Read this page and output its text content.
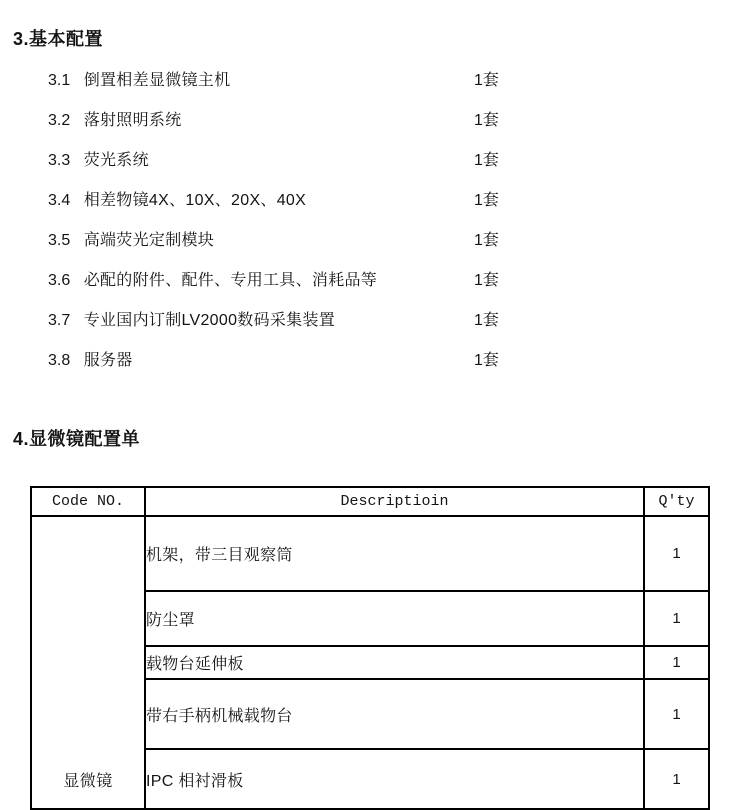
3.基本配置
3.1 倒置相差显微镜主机	1套
3.2 落射照明系统	1套
3.3 荧光系统	1套
3.4 相差物镜4X、10X、20X、40X	1套
3.5 高端荧光定制模块	1套
3.6 必配的附件、配件、专用工具、消耗品等	1套
3.7 专业国内订制LV2000数码采集装置	1套
3.8 服务器	1套
4.显微镜配置单
Code NO.	Descriptioin	Q'ty

显微镜	机架，带三目观察筒	1
	防尘罩	1
	载物台延伸板	1
	带右手柄机械载物台	1
	IPC 相衬滑板	1
